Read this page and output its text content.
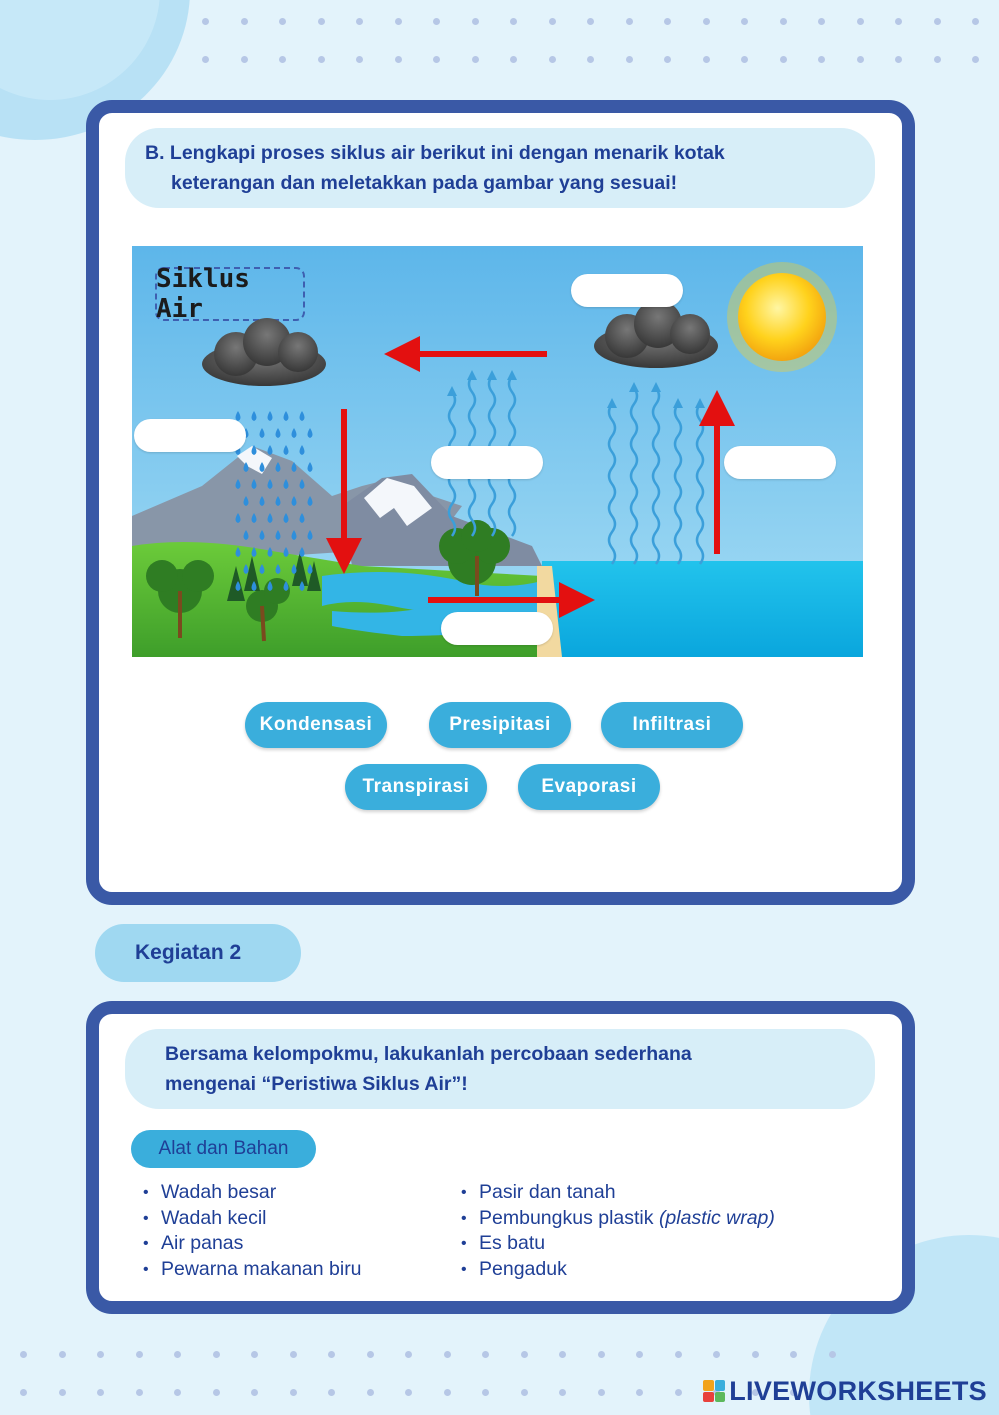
B. Lengkapi proses siklus air berikut ini dengan menarik kotak
keterangan dan meletakkan pada gambar yang sesuai!
Siklus Air
Kondensasi	Presipitasi	Infiltrasi
Transpirasi	Evaporasi
Kegiatan 2
Bersama kelompokmu, lakukanlah percobaan sederhana
mengenai “Peristiwa Siklus Air”!
Alat dan Bahan
• Wadah besar
• Wadah kecil
• Air panas
• Pewarna makanan biru
• Pasir dan tanah
• Pembungkus plastik (plastic wrap)
• Es batu
• Pengaduk
LIVEWORKSHEETS
